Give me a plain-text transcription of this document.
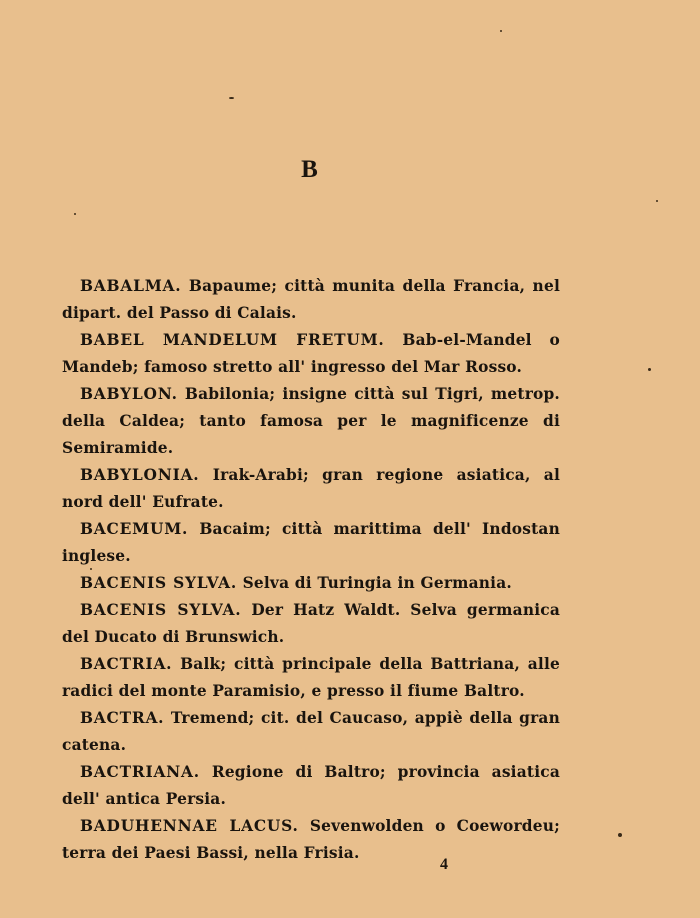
B

BABALMA. Bapaume; città munita della Francia, nel dipart. del Passo di Calais.

BABEL MANDELUM FRETUM. Bab-el-Mandel o Mandeb; famoso stretto all' ingresso del Mar Rosso.

BABYLON. Babilonia; insigne città sul Tigri, metrop. della Caldea; tanto famosa per le magnificenze di Semiramide.

BABYLONIA. Irak-Arabi; gran regione asiatica, al nord dell' Eufrate.

BACEMUM. Bacaim; città marittima dell' Indostan inglese.

BACENIS SYLVA. Selva di Turingia in Germania.

BACENIS SYLVA. Der Hatz Waldt. Selva germanica del Ducato di Brunswich.

BACTRIA. Balk; città principale della Battriana, alle radici del monte Paramisio, e presso il fiume Baltro.

BACTRA. Tremend; cit. del Caucaso, appiè della gran catena.

BACTRIANA. Regione di Baltro; provincia asiatica dell' antica Persia.

BADUHENNAE LACUS. Sevenwolden o Coewordeu; terra dei Paesi Bassi, nella Frisia.

4
